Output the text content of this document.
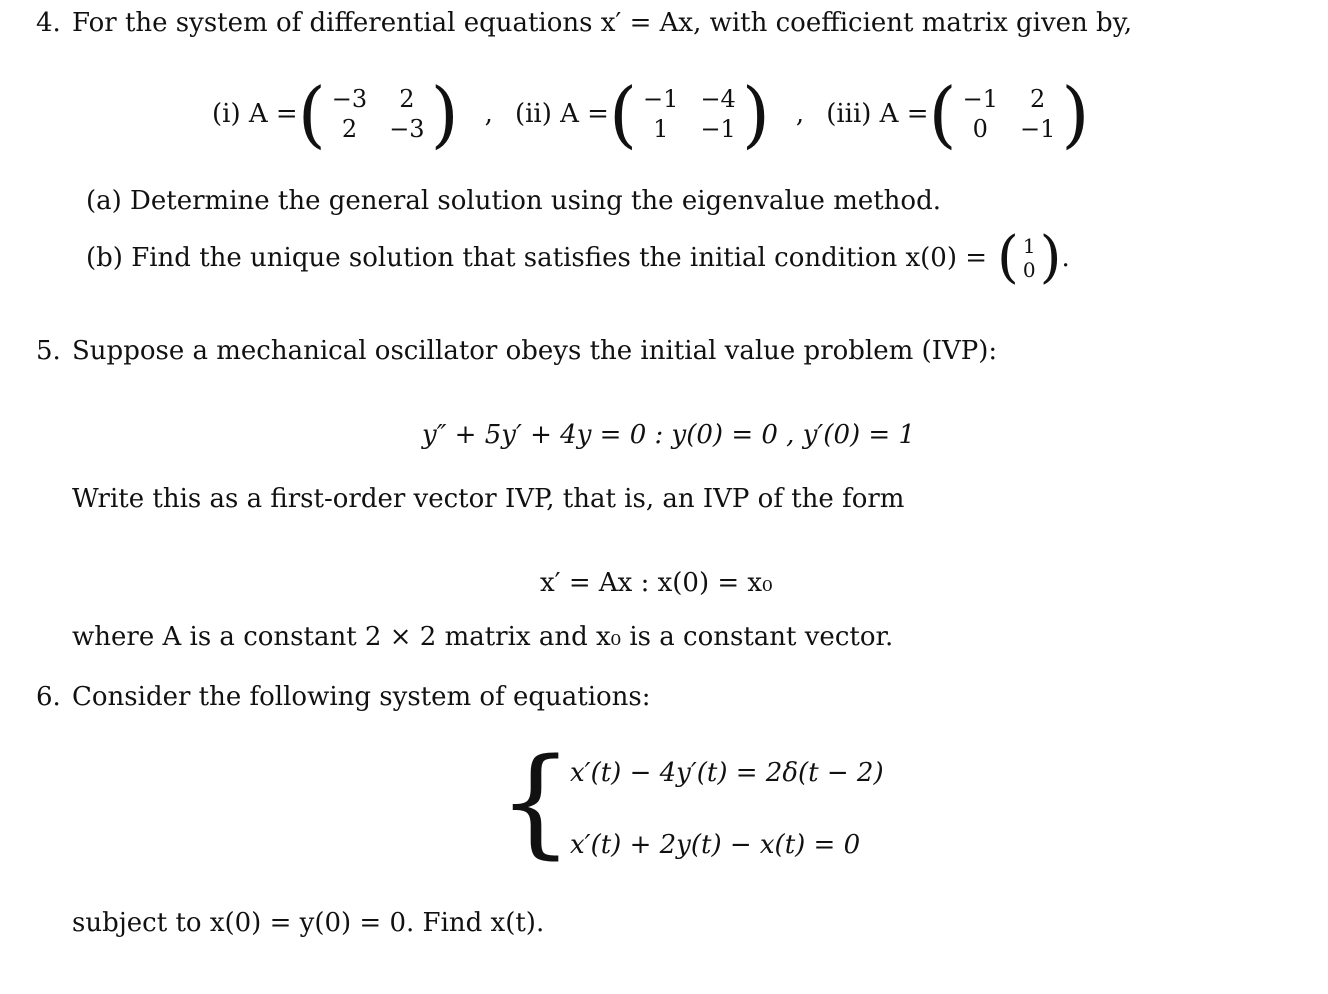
4. For the system of differential equations x′ = Ax, with coefficient matrix given by,
(i) A = ( −3	2
2	−3 ) , (ii) A = ( −1 −4
1	−1 ) , (iii) A = ( −1	2
0	−1 )
(a) Determine the general solution using the eigenvalue method.
(b) Find the unique solution that satisfies the initial condition x(0) = ( 1
0 ) .
5. Suppose a mechanical oscillator obeys the initial value problem (IVP):
y″ + 5y′ + 4y = 0 : y(0) = 0 , y′(0) = 1
Write this as a first-order vector IVP, that is, an IVP of the form
x′ = Ax : x(0) = x₀
where A is a constant 2 × 2 matrix and x₀ is a constant vector.
6. Consider the following system of equations:
{
x′(t) − 4y′(t) = 2δ(t − 2)
x′(t) + 2y(t) − x(t) = 0
subject to x(0) = y(0) = 0. Find x(t).
